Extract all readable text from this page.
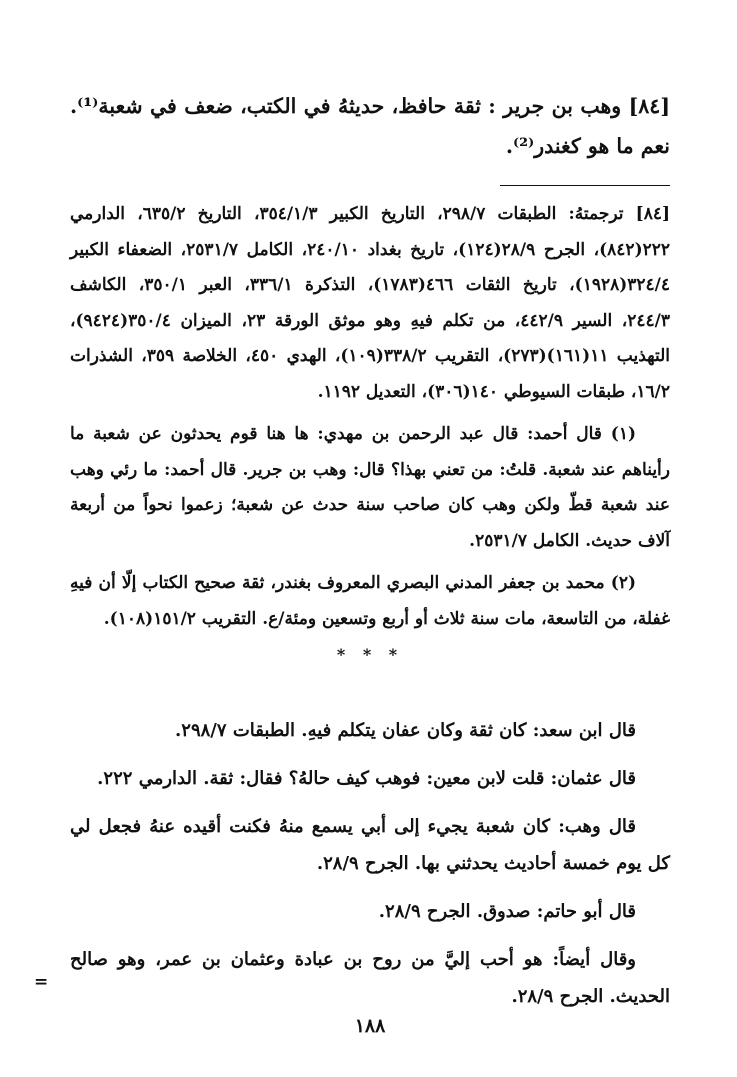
[٨٤] وهب بن جرير : ثقة حافظ، حديثهُ في الكتب، ضعف في شعبة⁽¹⁾. نعم ما هو كغندر⁽²⁾.

[٨٤] ترجمتهُ: الطبقات ٢٩٨/٧، التاريخ الكبير ٣٥٤/١/٣، التاريخ ٦٣٥/٢، الدارمي ٢٢٢(٨٤٢)، الجرح ٢٨/٩(١٢٤)، تاريخ بغداد ٢٤٠/١٠، الكامل ٢٥٣١/٧، الضعفاء الكبير ٣٢٤/٤(١٩٢٨)، تاريخ الثقات ٤٦٦(١٧٨٣)، التذكرة ٣٣٦/١، العبر ٣٥٠/١، الكاشف ٢٤٤/٣، السير ٤٤٢/٩، من تكلم فيهِ وهو موثق الورقة ٢٣، الميزان ٣٥٠/٤(٩٤٢٤)، التهذيب ١١(١٦١)(٢٧٣)، التقريب ٣٣٨/٢(١٠٩)، الهدي ٤٥٠، الخلاصة ٣٥٩، الشذرات ١٦/٢، طبقات السيوطي ١٤٠(٣٠٦)، التعديل ١١٩٢.

(١) قال أحمد: قال عبد الرحمن بن مهدي: ها هنا قوم يحدثون عن شعبة ما رأيناهم عند شعبة. قلتُ: من تعني بهذا؟ قال: وهب بن جرير. قال أحمد: ما رئي وهب عند شعبة قطّ ولكن وهب كان صاحب سنة حدث عن شعبة؛ زعموا نحواً من أربعة آلاف حديث. الكامل ٢٥٣١/٧.

(٢) محمد بن جعفر المدني البصري المعروف بغندر، ثقة صحيح الكتاب إلّا أن فيهِ غفلة، من التاسعة، مات سنة ثلاث أو أربع وتسعين ومئة/ع. التقريب ١٥١/٢(١٠٨).

* * *

قال ابن سعد: كان ثقة وكان عفان يتكلم فيهِ. الطبقات ٢٩٨/٧.

قال عثمان: قلت لابن معين: فوهب كيف حالهُ؟ فقال: ثقة. الدارمي ٢٢٢.

قال وهب: كان شعبة يجيء إلى أبي يسمع منهُ فكنت أقيده عنهُ فجعل لي كل يوم خمسة أحاديث يحدثني بها. الجرح ٢٨/٩.

قال أبو حاتم: صدوق. الجرح ٢٨/٩.

وقال أيضاً: هو أحب إليَّ من روح بن عبادة وعثمان بن عمر، وهو صالح الحديث. الجرح ٢٨/٩.

١٨٨
=
